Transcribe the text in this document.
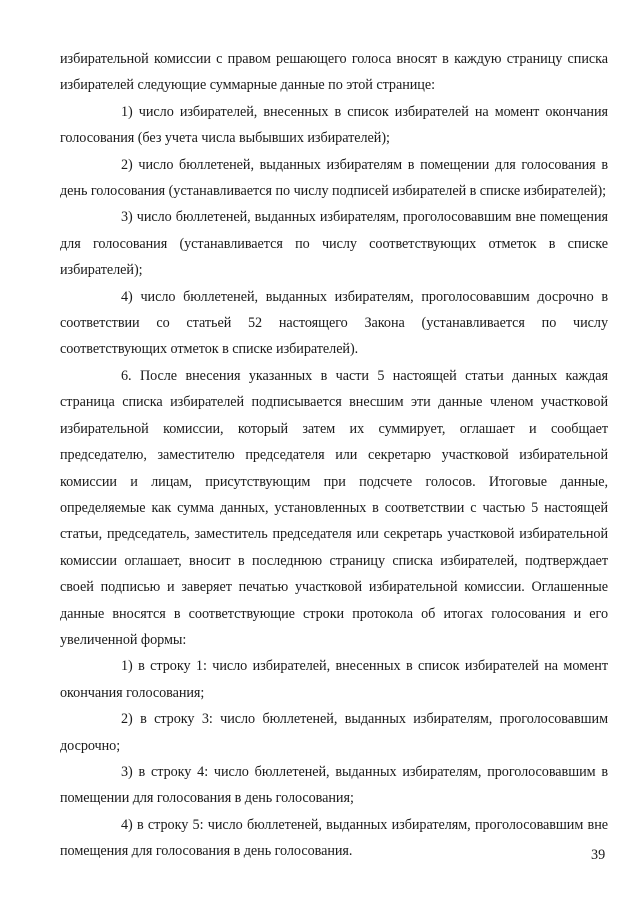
избирательной комиссии с правом решающего голоса вносят в каждую страницу списка избирателей следующие суммарные данные по этой странице:

1) число избирателей, внесенных в список избирателей на момент окончания голосования (без учета числа выбывших избирателей);

2) число бюллетеней, выданных избирателям в помещении для голосования в день голосования (устанавливается по числу подписей избирателей в списке избирателей);

3) число бюллетеней, выданных избирателям, проголосовавшим вне помещения для голосования (устанавливается по числу соответствующих отметок в списке избирателей);

4) число бюллетеней, выданных избирателям, проголосовавшим досрочно в соответствии со статьей 52 настоящего Закона (устанавливается по числу соответствующих отметок в списке избирателей).

6. После внесения указанных в части 5 настоящей статьи данных каждая страница списка избирателей подписывается внесшим эти данные членом участковой избирательной комиссии, который затем их суммирует, оглашает и сообщает председателю, заместителю председателя или секретарю участковой избирательной комиссии и лицам, присутствующим при подсчете голосов. Итоговые данные, определяемые как сумма данных, установленных в соответствии с частью 5 настоящей статьи, председатель, заместитель председателя или секретарь участковой избирательной комиссии оглашает, вносит в последнюю страницу списка избирателей, подтверждает своей подписью и заверяет печатью участковой избирательной комиссии. Оглашенные данные вносятся в соответствующие строки протокола об итогах голосования и его увеличенной формы:

1) в строку 1: число избирателей, внесенных в список избирателей на момент окончания голосования;

2) в строку 3: число бюллетеней, выданных избирателям, проголосовавшим досрочно;

3) в строку 4: число бюллетеней, выданных избирателям, проголосовавшим в помещении для голосования в день голосования;

4) в строку 5: число бюллетеней, выданных избирателям, проголосовавшим вне помещения для голосования в день голосования.	39
